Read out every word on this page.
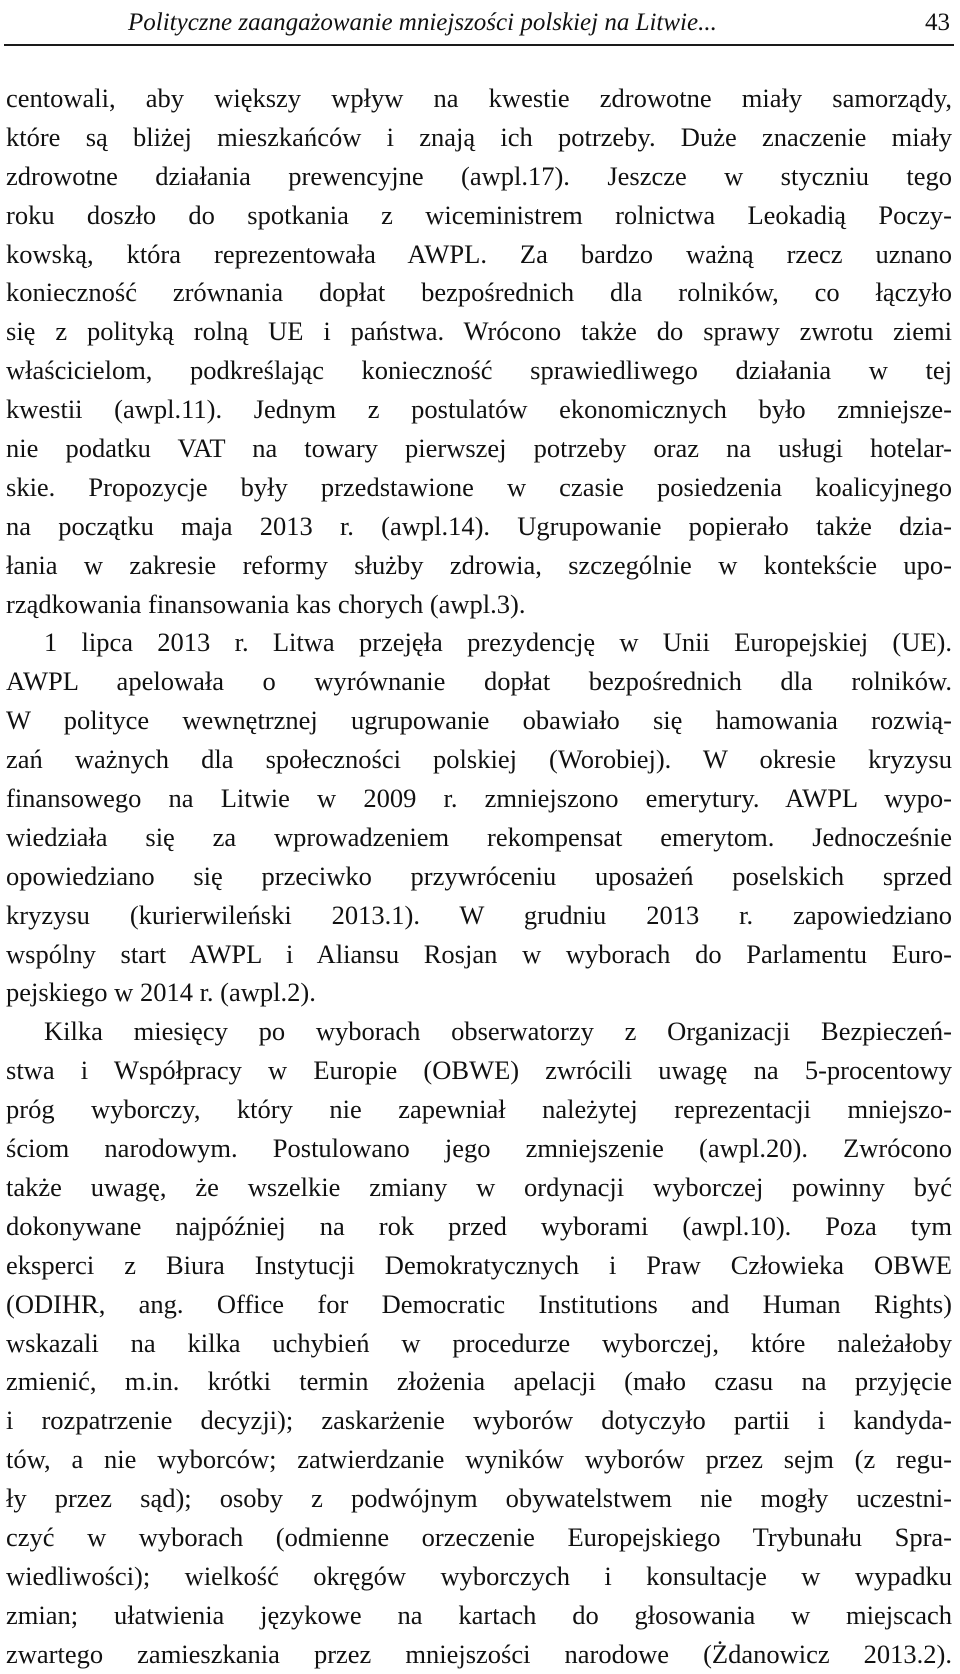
Polityczne zaangażowanie mniejszości polskiej na Litwie...	43
centowali, aby większy wpływ na kwestie zdrowotne miały samorządy,
które są bliżej mieszkańców i znają ich potrzeby. Duże znaczenie miały
zdrowotne działania prewencyjne (awpl.17). Jeszcze w styczniu tego
roku doszło do spotkania z wiceministrem rolnictwa Leokadią Poczy-
kowską, która reprezentowała AWPL. Za bardzo ważną rzecz uznano
konieczność zrównania dopłat bezpośrednich dla rolników, co łączyło
się z polityką rolną UE i państwa. Wrócono także do sprawy zwrotu ziemi
właścicielom, podkreślając konieczność sprawiedliwego działania w tej
kwestii (awpl.11). Jednym z postulatów ekonomicznych było zmniejsze-
nie podatku VAT na towary pierwszej potrzeby oraz na usługi hotelar-
skie. Propozycje były przedstawione w czasie posiedzenia koalicyjnego
na początku maja 2013 r. (awpl.14). Ugrupowanie popierało także dzia-
łania w zakresie reformy służby zdrowia, szczególnie w kontekście upo-
rządkowania finansowania kas chorych (awpl.3).
1 lipca 2013 r. Litwa przejęła prezydencję w Unii Europejskiej (UE).
AWPL apelowała o wyrównanie dopłat bezpośrednich dla rolników.
W polityce wewnętrznej ugrupowanie obawiało się hamowania rozwią-
zań ważnych dla społeczności polskiej (Worobiej). W okresie kryzysu
finansowego na Litwie w 2009 r. zmniejszono emerytury. AWPL wypo-
wiedziała się za wprowadzeniem rekompensat emerytom. Jednocześnie
opowiedziano się przeciwko przywróceniu uposażeń poselskich sprzed
kryzysu (kurierwileński 2013.1). W grudniu 2013 r. zapowiedziano
wspólny start AWPL i Aliansu Rosjan w wyborach do Parlamentu Euro-
pejskiego w 2014 r. (awpl.2).
Kilka miesięcy po wyborach obserwatorzy z Organizacji Bezpieczeń-
stwa i Współpracy w Europie (OBWE) zwrócili uwagę na 5-procentowy
próg wyborczy, który nie zapewniał należytej reprezentacji mniejszo-
ściom narodowym. Postulowano jego zmniejszenie (awpl.20). Zwrócono
także uwagę, że wszelkie zmiany w ordynacji wyborczej powinny być
dokonywane najpóźniej na rok przed wyborami (awpl.10). Poza tym
eksperci z Biura Instytucji Demokratycznych i Praw Człowieka OBWE
(ODIHR, ang. Office for Democratic Institutions and Human Rights)
wskazali na kilka uchybień w procedurze wyborczej, które należałoby
zmienić, m.in. krótki termin złożenia apelacji (mało czasu na przyjęcie
i rozpatrzenie decyzji); zaskarżenie wyborów dotyczyło partii i kandyda-
tów, a nie wyborców; zatwierdzanie wyników wyborów przez sejm (z regu-
ły przez sąd); osoby z podwójnym obywatelstwem nie mogły uczestni-
czyć w wyborach (odmienne orzeczenie Europejskiego Trybunału Spra-
wiedliwości); wielkość okręgów wyborczych i konsultacje w wypadku
zmian; ułatwienia językowe na kartach do głosowania w miejscach
zwartego zamieszkania przez mniejszości narodowe (Żdanowicz 2013.2).
